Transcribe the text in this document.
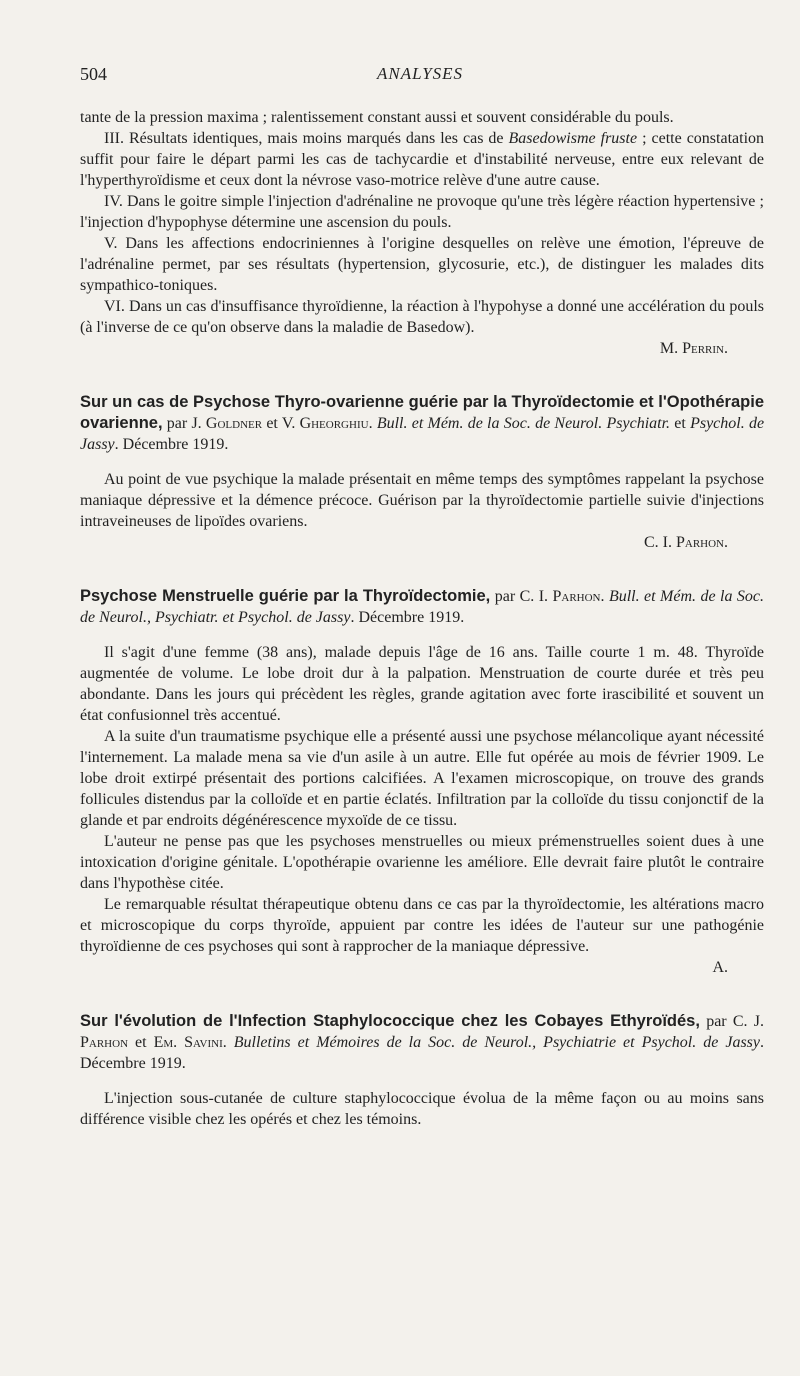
504	ANALYSES

tante de la pression maxima ; ralentissement constant aussi et souvent considérable du pouls.

III. Résultats identiques, mais moins marqués dans les cas de Basedowisme fruste ; cette constatation suffit pour faire le départ parmi les cas de tachycardie et d'instabilité nerveuse, entre eux relevant de l'hyperthyroïdisme et ceux dont la névrose vaso-motrice relève d'une autre cause.

IV. Dans le goitre simple l'injection d'adrénaline ne provoque qu'une très légère réaction hypertensive ; l'injection d'hypophyse détermine une ascension du pouls.

V. Dans les affections endocriniennes à l'origine desquelles on relève une émotion, l'épreuve de l'adrénaline permet, par ses résultats (hypertension, glycosurie, etc.), de distinguer les malades dits sympathico-toniques.

VI. Dans un cas d'insuffisance thyroïdienne, la réaction à l'hypohyse a donné une accélération du pouls (à l'inverse de ce qu'on observe dans la maladie de Basedow).

M. Perrin.

Sur un cas de Psychose Thyro-ovarienne guérie par la Thyroïdectomie et l'Opothérapie ovarienne, par J. Goldner et V. Gheorghiu. Bull. et Mém. de la Soc. de Neurol. Psychiatr. et Psychol. de Jassy. Décembre 1919.

Au point de vue psychique la malade présentait en même temps des symptômes rappelant la psychose maniaque dépressive et la démence précoce. Guérison par la thyroïdectomie partielle suivie d'injections intraveineuses de lipoïdes ovariens.

C. I. Parhon.

Psychose Menstruelle guérie par la Thyroïdectomie, par C. I. Parhon. Bull. et Mém. de la Soc. de Neurol., Psychiatr. et Psychol. de Jassy. Décembre 1919.

Il s'agit d'une femme (38 ans), malade depuis l'âge de 16 ans. Taille courte 1 m. 48. Thyroïde augmentée de volume. Le lobe droit dur à la palpation. Menstruation de courte durée et très peu abondante. Dans les jours qui précèdent les règles, grande agitation avec forte irascibilité et souvent un état confusionnel très accentué.

A la suite d'un traumatisme psychique elle a présenté aussi une psychose mélancolique ayant nécessité l'internement. La malade mena sa vie d'un asile à un autre. Elle fut opérée au mois de février 1909. Le lobe droit extirpé présentait des portions calcifiées. A l'examen microscopique, on trouve des grands follicules distendus par la colloïde et en partie éclatés. Infiltration par la colloïde du tissu conjonctif de la glande et par endroits dégénérescence myxoïde de ce tissu.

L'auteur ne pense pas que les psychoses menstruelles ou mieux prémenstruelles soient dues à une intoxication d'origine génitale. L'opothérapie ovarienne les améliore. Elle devrait faire plutôt le contraire dans l'hypothèse citée.

Le remarquable résultat thérapeutique obtenu dans ce cas par la thyroïdectomie, les altérations macro et microscopique du corps thyroïde, appuient par contre les idées de l'auteur sur une pathogénie thyroïdienne de ces psychoses qui sont à rapprocher de la maniaque dépressive.

A.

Sur l'évolution de l'Infection Staphylococcique chez les Cobayes Ethyroïdés, par C. J. Parhon et Em. Savini. Bulletins et Mémoires de la Soc. de Neurol., Psychiatrie et Psychol. de Jassy. Décembre 1919.

L'injection sous-cutanée de culture staphylococcique évolua de la même façon ou au moins sans différence visible chez les opérés et chez les témoins.
